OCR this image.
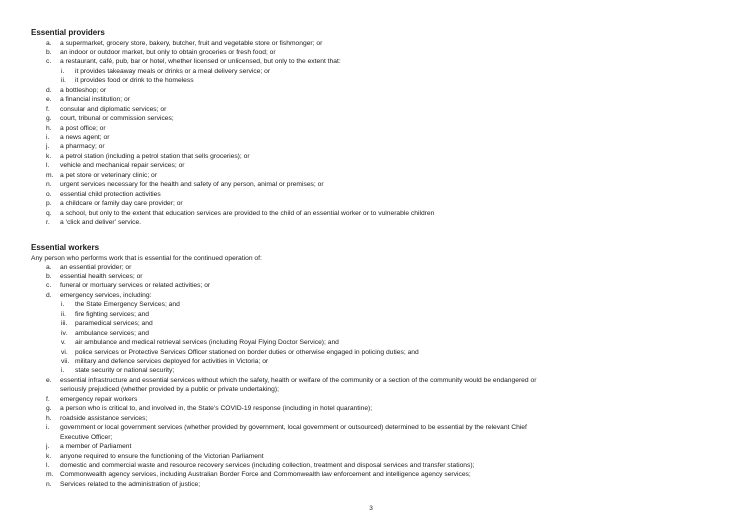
Essential providers
a. a supermarket, grocery store, bakery, butcher, fruit and vegetable store or fishmonger; or
b. an indoor or outdoor market, but only to obtain groceries or fresh food; or
c. a restaurant, café, pub, bar or hotel, whether licensed or unlicensed, but only to the extent that:
i. it provides takeaway meals or drinks or a meal delivery service; or
ii. it provides food or drink to the homeless
d. a bottleshop; or
e. a financial institution; or
f. consular and diplomatic services; or
g. court, tribunal or commission services;
h. a post office; or
i. a news agent; or
j. a pharmacy; or
k. a petrol station (including a petrol station that sells groceries); or
l. vehicle and mechanical repair services; or
m. a pet store or veterinary clinic; or
n. urgent services necessary for the health and safety of any person, animal or premises; or
o. essential child protection activities
p. a childcare or family day care provider; or
q. a school, but only to the extent that education services are provided to the child of an essential worker or to vulnerable children
r. a ‘click and deliver’ service.
Essential workers
Any person who performs work that is essential for the continued operation of:
a. an essential provider; or
b. essential health services; or
c. funeral or mortuary services or related activities; or
d. emergency services, including:
i. the State Emergency Services; and
ii. fire fighting services; and
iii. paramedical services; and
iv. ambulance services; and
v. air ambulance and medical retrieval services (including Royal Flying Doctor Service); and
vi. police services or Protective Services Officer stationed on border duties or otherwise engaged in policing duties; and
vii. military and defence services deployed for activities in Victoria; or
i. state security or national security;
e. essential infrastructure and essential services without which the safety, health or welfare of the community or a section of the community would be endangered or
seriously prejudiced (whether provided by a public or private undertaking);
f. emergency repair workers
g. a person who is critical to, and involved in, the State’s COVID-19 response (including in hotel quarantine);
h. roadside assistance services;
i. government or local government services (whether provided by government, local government or outsourced) determined to be essential by the relevant Chief
Executive Officer;
j. a member of Parliament
k. anyone required to ensure the functioning of the Victorian Parliament
l. domestic and commercial waste and resource recovery services (including collection, treatment and disposal services and transfer stations);
m. Commonwealth agency services, including Australian Border Force and Commonwealth law enforcement and intelligence agency services;
n. Services related to the administration of justice;
3
